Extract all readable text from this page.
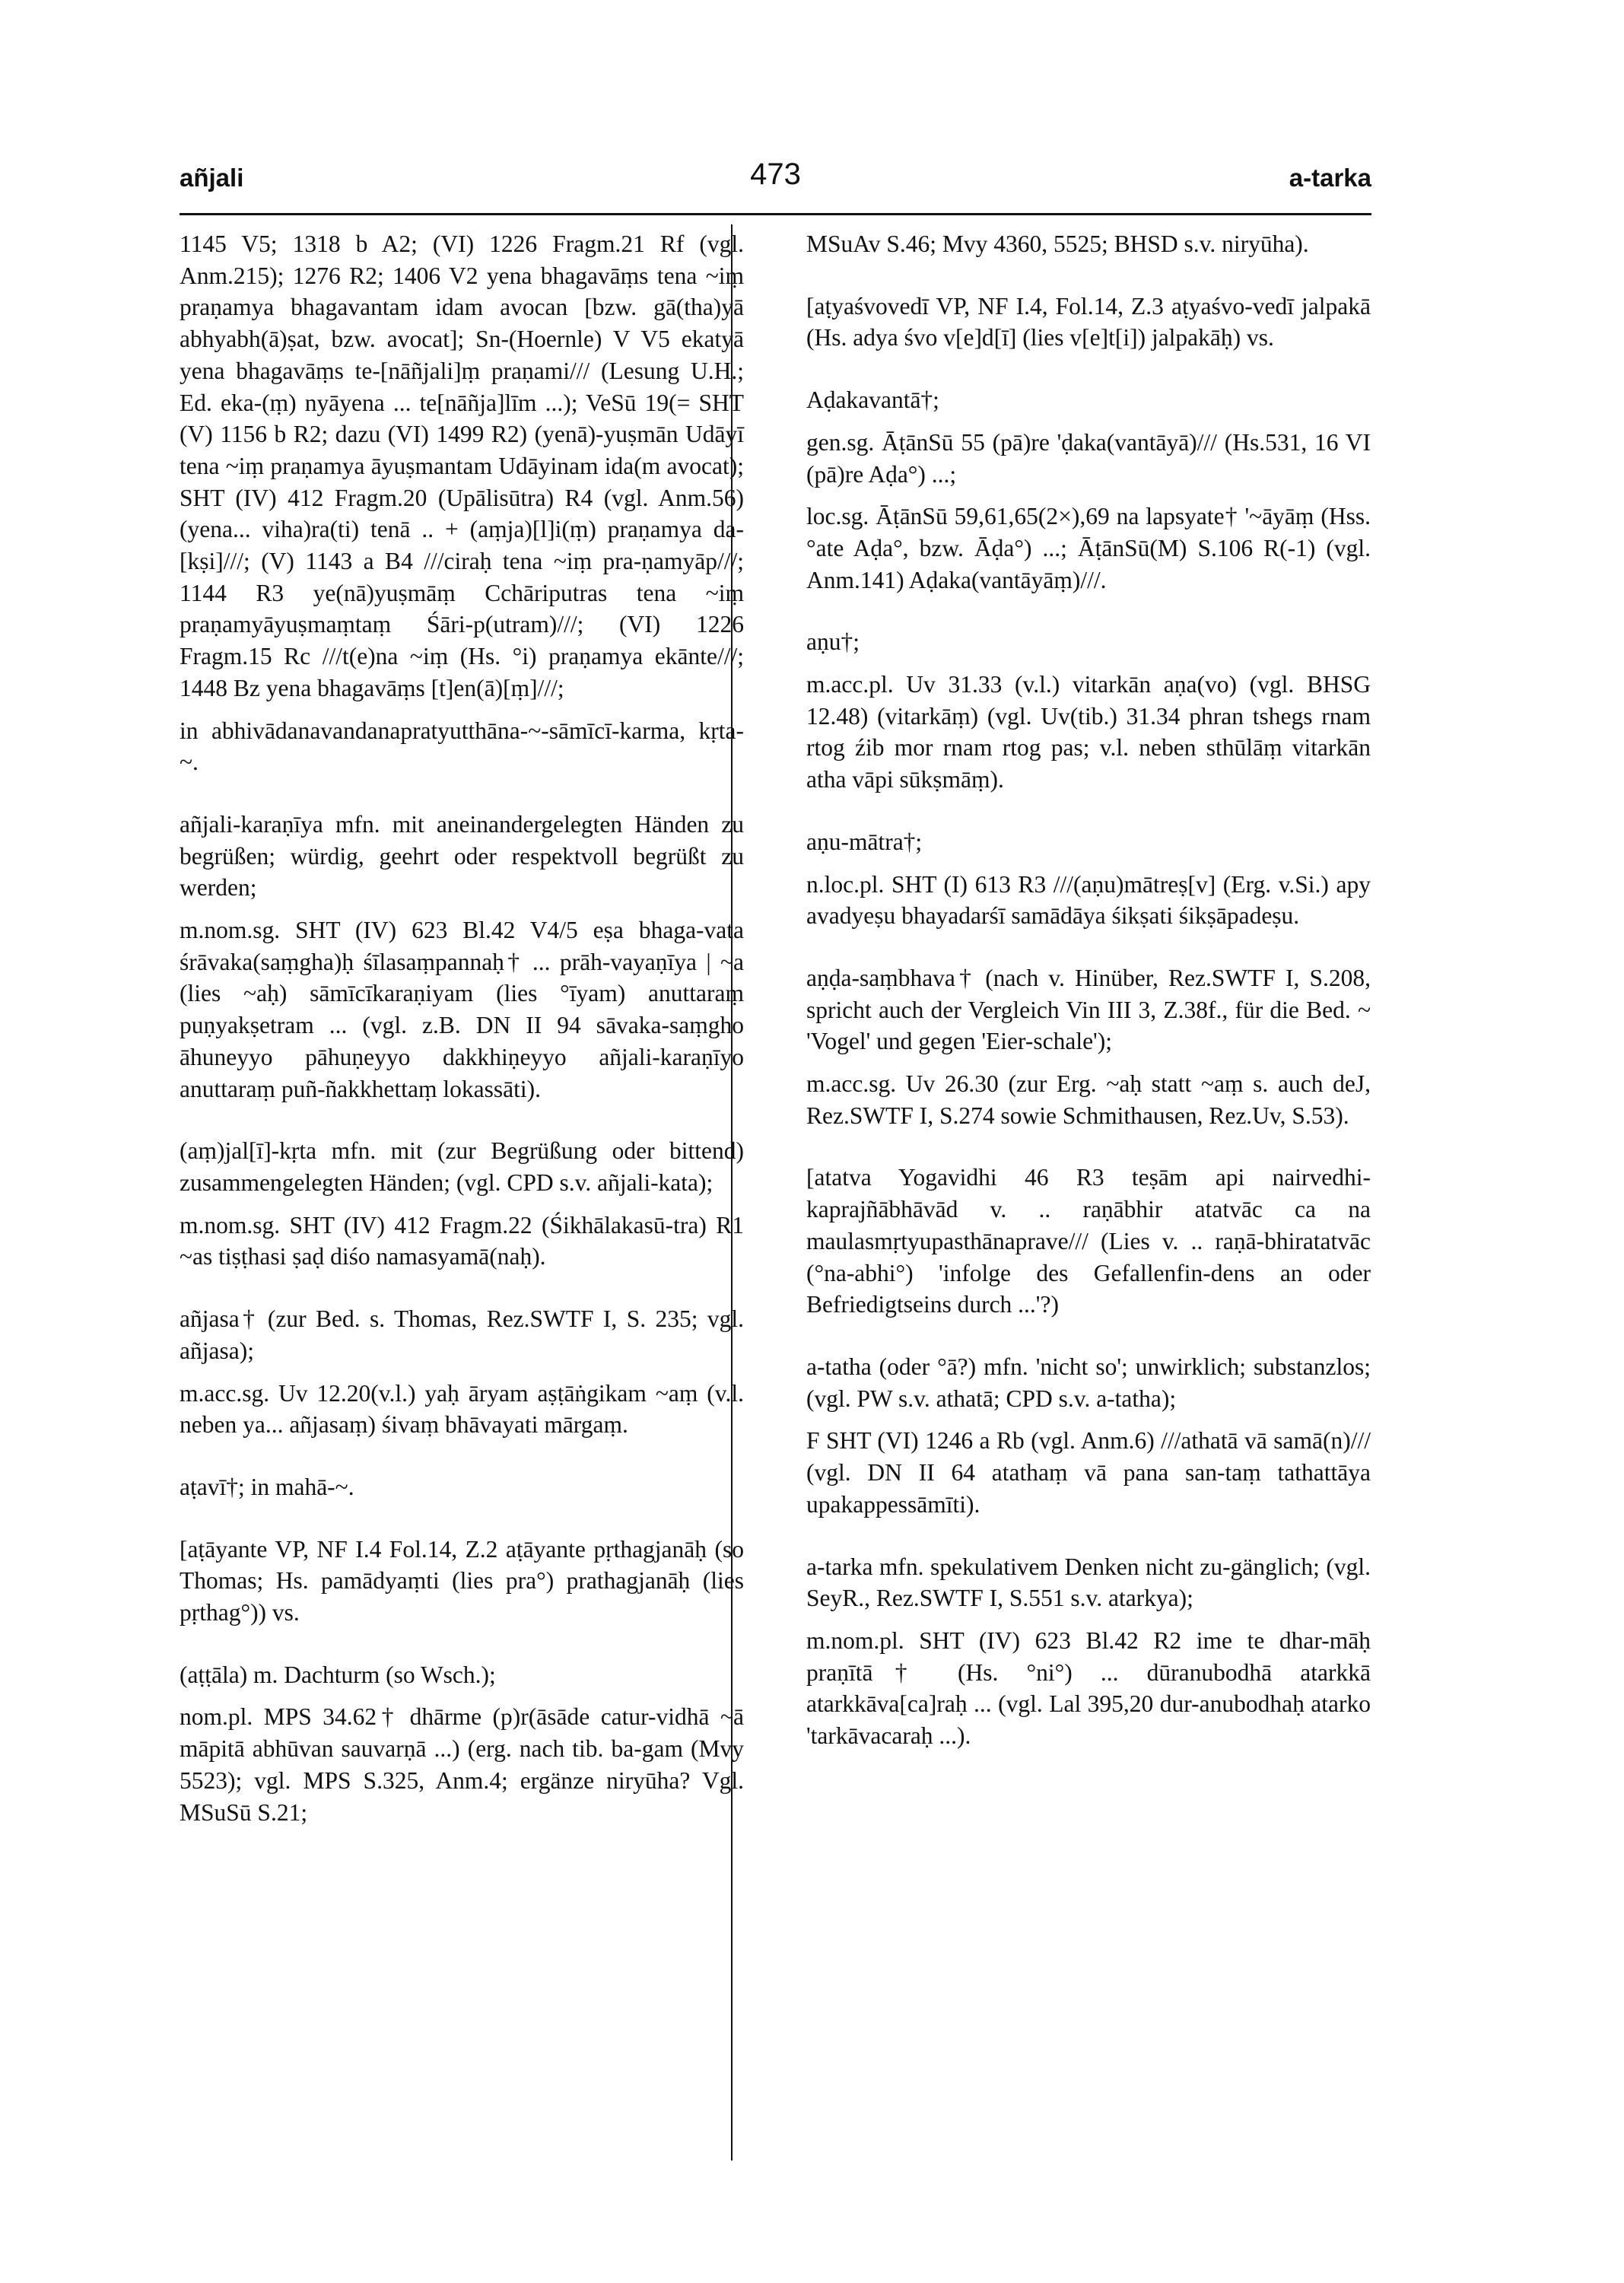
añjali	473	a-tarka

1145 V5; 1318 b A2; (VI) 1226 Fragm.21 Rf (vgl. Anm.215); 1276 R2; 1406 V2 yena bhagavāṃs tena ~iṃ praṇamya bhagavantam idam avocan [bzw. gā(tha)yā abhyabh(ā)ṣat, bzw. avocat]; Sn-(Hoernle) V V5 ekatyā yena bhagavāṃs te-[nāñjali]ṃ praṇami/// (Lesung U.H.; Ed. eka-(ṃ) nyāyena ... te[nāñja]līm ...); VeSū 19(= SHT (V) 1156 b R2; dazu (VI) 1499 R2) (yenā)-yuṣmān Udāyī tena ~iṃ praṇamya āyuṣmantam Udāyinam ida(m avocat); SHT (IV) 412 Fragm.20 (Upālisūtra) R4 (vgl. Anm.56) (yena... viha)ra(ti) tenā .. + (aṃja)[l]i(ṃ) praṇamya da-[kṣi]///; (V) 1143 a B4 ///ciraḥ tena ~iṃ pra-ṇamyāp///; 1144 R3 ye(nā)yuṣmāṃ Cchāriputras tena ~iṃ praṇamyāyuṣmaṃtaṃ Śāri-p(utram)///; (VI) 1226 Fragm.15 Rc ///t(e)na ~iṃ (Hs. °i) praṇamya ekānte///; 1448 Bz yena bhagavāṃs [t]en(ā)[ṃ]///;

in abhivādanavandanapratyutthāna-~-sāmīcī-karma, kṛta-~.

añjali-karaṇīya mfn. mit aneinandergelegten Händen zu begrüßen; würdig, geehrt oder respektvoll begrüßt zu werden;

m.nom.sg. SHT (IV) 623 Bl.42 V4/5 eṣa bhaga-vata śrāvaka(saṃgha)ḥ śīlasaṃpannaḥ† ... prāh-vayaṇīya | ~a (lies ~aḥ) sāmīcīkaraṇiyam (lies °īyam) anuttaraṃ puṇyakṣetram ... (vgl. z.B. DN II 94 sāvaka-saṃgho āhuneyyo pāhuṇeyyo dakkhiṇeyyo añjali-karaṇīyo anuttaraṃ puñ-ñakkhettaṃ lokassāti).

(aṃ)jal[ī]-kṛta mfn. mit (zur Begrüßung oder bittend) zusammengelegten Händen; (vgl. CPD s.v. añjali-kata);

m.nom.sg. SHT (IV) 412 Fragm.22 (Śikhālakasū-tra) R1 ~as tiṣṭhasi ṣaḍ diśo namasyamā(naḥ).

añjasa† (zur Bed. s. Thomas, Rez.SWTF I, S. 235; vgl. añjasa);

m.acc.sg. Uv 12.20(v.l.) yaḥ āryam aṣṭāṅgikam ~aṃ (v.l. neben ya... añjasaṃ) śivaṃ bhāvayati mārgaṃ.

aṭavī†; in mahā-~.

[aṭāyante VP, NF I.4 Fol.14, Z.2 aṭāyante pṛthagjanāḥ (so Thomas; Hs. pamādyaṃti (lies pra°) prathagjanāḥ (lies pṛthag°)) vs.

(aṭṭāla) m. Dachturm (so Wsch.);

nom.pl. MPS 34.62† dhārme (p)r(āsāde catur-vidhā ~ā māpitā abhūvan sauvarṇā ...) (erg. nach tib. ba-gam (Mvy 5523); vgl. MPS S.325, Anm.4; ergänze niryūha? Vgl. MSuSū S.21;

MSuAv S.46; Mvy 4360, 5525; BHSD s.v. niryūha).

[aṭyaśvovedī VP, NF I.4, Fol.14, Z.3 aṭyaśvo-vedī jalpakā (Hs. adya śvo v[e]d[ī] (lies v[e]t[i]) jalpakāḥ) vs.

Aḍakavantā†;

gen.sg. ĀṭānSū 55 (pā)re 'ḍaka(vantāyā)/// (Hs.531, 16 VI (pā)re Aḍa°) ...;

loc.sg. ĀṭānSū 59,61,65(2×),69 na lapsyate† '~āyāṃ (Hss. °ate Aḍa°, bzw. Āḍa°) ...; ĀṭānSū(M) S.106 R(-1) (vgl. Anm.141) Aḍaka(vantāyāṃ)///.

aṇu†;

m.acc.pl. Uv 31.33 (v.l.) vitarkān aṇa(vo) (vgl. BHSG 12.48) (vitarkāṃ) (vgl. Uv(tib.) 31.34 phran tshegs rnam rtog źib mor rnam rtog pas; v.l. neben sthūlāṃ vitarkān atha vāpi sūkṣmāṃ).

aṇu-mātra†;

n.loc.pl. SHT (I) 613 R3 ///(aṇu)mātreṣ[v] (Erg. v.Si.) apy avadyeṣu bhayadarśī samādāya śikṣati śikṣāpadeṣu.

aṇḍa-saṃbhava† (nach v. Hinüber, Rez.SWTF I, S.208, spricht auch der Vergleich Vin III 3, Z.38f., für die Bed. ~ 'Vogel' und gegen 'Eier-schale');

m.acc.sg. Uv 26.30 (zur Erg. ~aḥ statt ~aṃ s. auch deJ, Rez.SWTF I, S.274 sowie Schmithausen, Rez.Uv, S.53).

[atatva Yogavidhi 46 R3 teṣām api nairvedhi-kaprajñābhāvād v. .. raṇābhir atatvāc ca na maulasmṛtyupasthānaprave/// (Lies v. .. raṇā-bhiratatvāc (°na-abhi°) 'infolge des Gefallenfin-dens an oder Befriedigtseins durch ...'?)

a-tatha (oder °ā?) mfn. 'nicht so'; unwirklich; substanzlos; (vgl. PW s.v. athatā; CPD s.v. a-tatha);

F SHT (VI) 1246 a Rb (vgl. Anm.6) ///athatā vā samā(n)/// (vgl. DN II 64 atathaṃ vā pana san-taṃ tathattāya upakappessāmīti).

a-tarka mfn. spekulativem Denken nicht zu-gänglich; (vgl. SeyR., Rez.SWTF I, S.551 s.v. atarkya);

m.nom.pl. SHT (IV) 623 Bl.42 R2 ime te dhar-māḥ praṇītā† (Hs. °ni°) ... dūranubodhā atarkkā atarkkāva[ca]raḥ ... (vgl. Lal 395,20 dur-anubodhaḥ atarko 'tarkāvacaraḥ ...).
